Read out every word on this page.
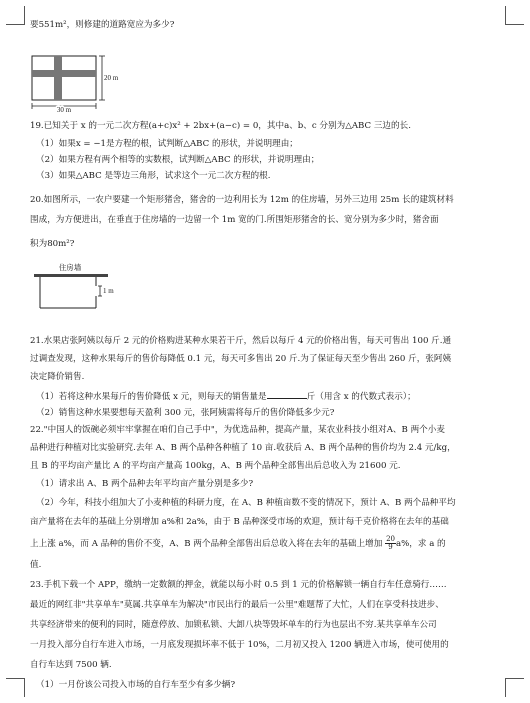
要551m²，则修建的道路宽应为多少?
30 m
20 m
19.已知关于 x 的一元二次方程(a+c)x² + 2bx+(a−c) = 0，其中a、b、c 分别为△ABC 三边的长.
（1）如果x = −1是方程的根，试判断△ABC 的形状，并说明理由；
（2）如果方程有两个相等的实数根，试判断△ABC 的形状，并说明理由；
（3）如果△ABC 是等边三角形，试求这个一元二次方程的根.
20.如图所示，一农户要建一个矩形猪舍，猪舍的一边利用长为 12m 的住房墙，另外三边用 25m 长的建筑材料
围成，为方便进出，在垂直于住房墙的一边留一个 1m 宽的门.所围矩形猪舍的长、宽分别为多少时，猪舍面
积为80m²?
住房墙
1 m
21.水果店张阿姨以每斤 2 元的价格购进某种水果若干斤，然后以每斤 4 元的价格出售，每天可售出 100 斤.通
过调查发现，这种水果每斤的售价每降低 0.1 元，每天可多售出 20 斤.为了保证每天至少售出 260 斤，张阿姨
决定降价销售.
（1）若将这种水果每斤的售价降低 x 元，则每天的销售量是	斤（用含 x 的代数式表示）；
（2）销售这种水果要想每天盈利 300 元，张阿姨需将每斤的售价降低多少元?
22."中国人的饭碗必须牢牢掌握在咱们自己手中"，为优选品种，提高产量，某农业科技小组对A、B 两个小麦
品种进行种植对比实验研究.去年 A、B 两个品种各种植了 10 亩.收获后 A、B 两个品种的售价均为 2.4 元/kg，
且 B 的平均亩产量比 A 的平均亩产量高 100kg，A、B 两个品种全部售出后总收入为 21600 元.
（1）请求出 A、B 两个品种去年平均亩产量分别是多少?
（2）今年，科技小组加大了小麦种植的科研力度，在 A、B 种植亩数不变的情况下，预计 A、B 两个品种平均
亩产量将在去年的基础上分别增加 a%和 2a%，由于 B 品种深受市场的欢迎，预计每千克价格将在去年的基础
上上涨 a%，而 A 品种的售价不变，A、B 两个品种全部售出后总收入将在去年的基础上增加 $\frac{20}{9} a\%$，求 a 的
值.
23.手机下载一个 APP，缴纳一定数额的押金，就能以每小时 0.5 到 1 元的价格解锁一辆自行车任意骑行……
最近的网红非"共享单车"莫属.共享单车为解决"市民出行的最后一公里"难题帮了大忙，人们在享受科技进步、
共享经济带来的便利的同时，随意停放、加锁私锁、大卸八块等毁坏单车的行为也层出不穷.某共享单车公司
一月投入部分自行车进入市场，一月底发现损坏率不低于 10%，二月初又投入 1200 辆进入市场，使可使用的
自行车达到 7500 辆.
（1）一月份该公司投入市场的自行车至少有多少辆?
